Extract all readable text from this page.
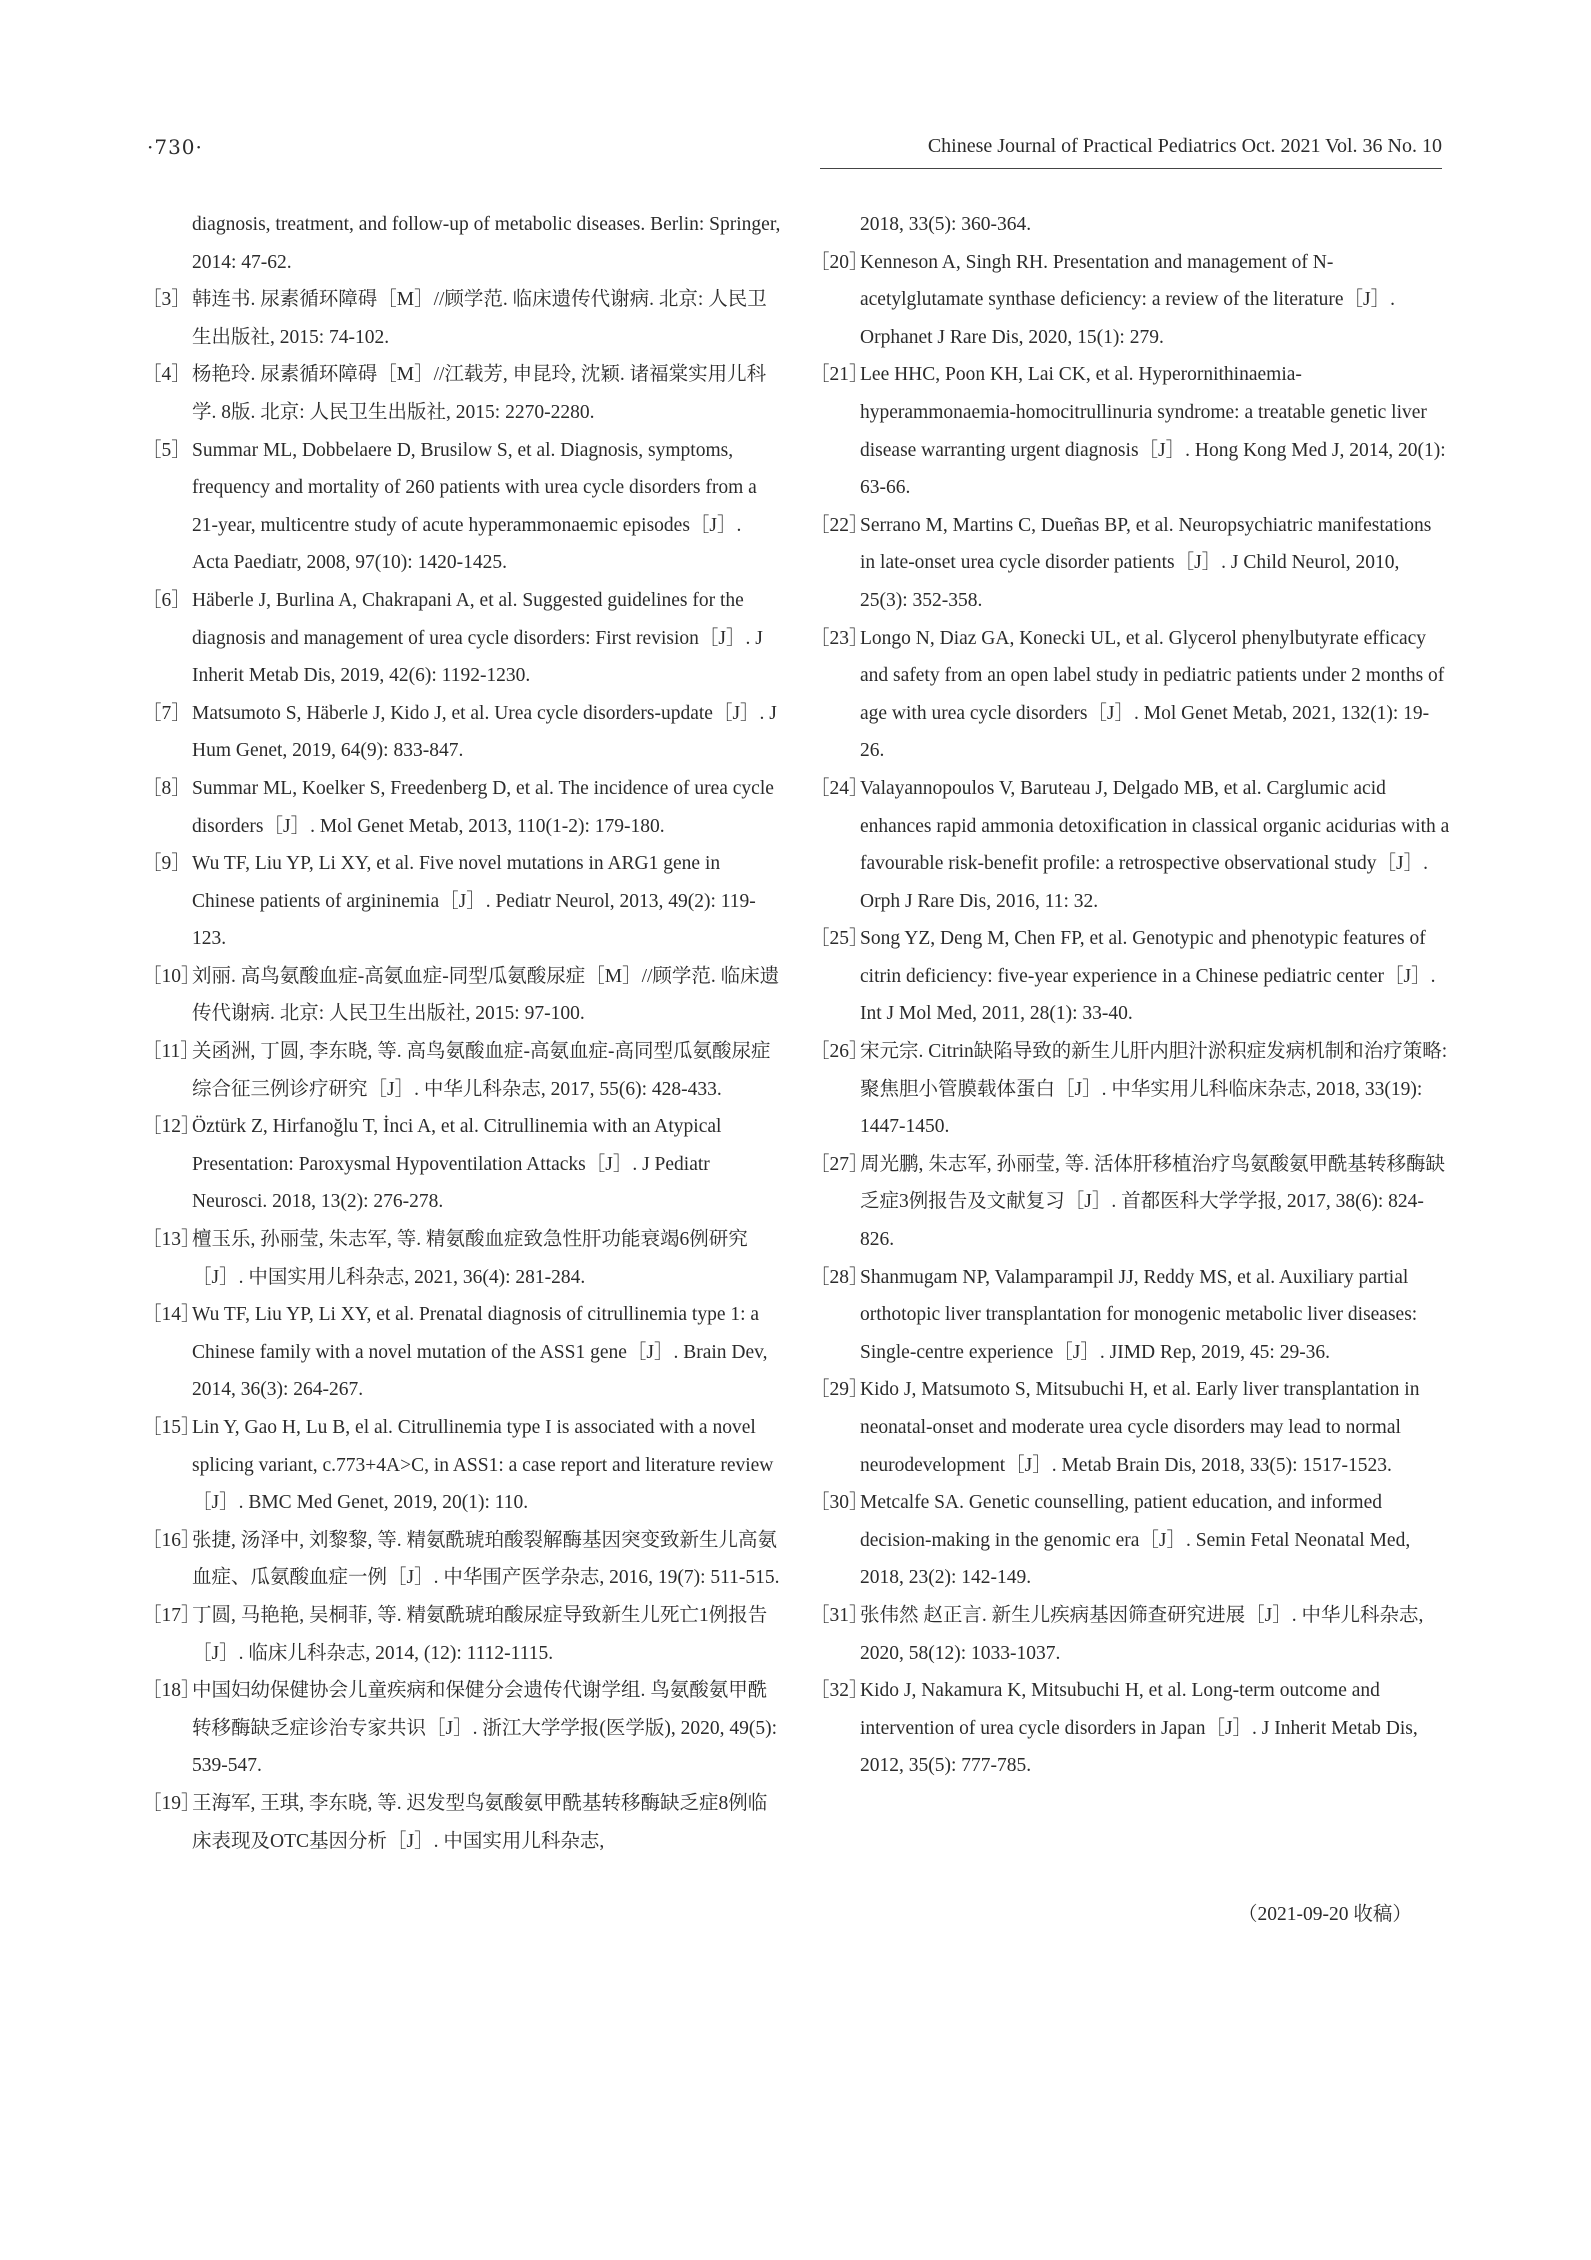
·730·	Chinese Journal of Practical Pediatrics Oct. 2021 Vol. 36 No. 10
diagnosis, treatment, and follow-up of metabolic diseases. Berlin: Springer, 2014: 47-62.
［3］ 韩连书. 尿素循环障碍［M］//顾学范. 临床遗传代谢病. 北京: 人民卫生出版社, 2015: 74-102.
［4］ 杨艳玲. 尿素循环障碍［M］//江载芳, 申昆玲, 沈颖. 诸福棠实用儿科学. 8版. 北京: 人民卫生出版社, 2015: 2270-2280.
［5］ Summar ML, Dobbelaere D, Brusilow S, et al. Diagnosis, symptoms, frequency and mortality of 260 patients with urea cycle disorders from a 21-year, multicentre study of acute hyperammonaemic episodes［J］. Acta Paediatr, 2008, 97(10): 1420-1425.
［6］ Häberle J, Burlina A, Chakrapani A, et al. Suggested guidelines for the diagnosis and management of urea cycle disorders: First revision［J］. J Inherit Metab Dis, 2019, 42(6): 1192-1230.
［7］ Matsumoto S, Häberle J, Kido J, et al. Urea cycle disorders-update［J］. J Hum Genet, 2019, 64(9): 833-847.
［8］ Summar ML, Koelker S, Freedenberg D, et al. The incidence of urea cycle disorders［J］. Mol Genet Metab, 2013, 110(1-2): 179-180.
［9］ Wu TF, Liu YP, Li XY, et al. Five novel mutations in ARG1 gene in Chinese patients of argininemia［J］. Pediatr Neurol, 2013, 49(2): 119-123.
［10］
刘丽. 高鸟氨酸血症-高氨血症-同型瓜氨酸尿症［M］//顾学范. 临床遗传代谢病. 北京: 人民卫生出版社, 2015: 97-100.
［11］
关函洲, 丁圆, 李东晓, 等. 高鸟氨酸血症-高氨血症-高同型瓜氨酸尿症综合征三例诊疗研究［J］. 中华儿科杂志, 2017, 55(6): 428-433.
［12］
Öztürk Z, Hirfanoğlu T, İnci A, et al. Citrullinemia with an Atypical Presentation: Paroxysmal Hypoventilation Attacks［J］. J Pediatr Neurosci. 2018, 13(2): 276-278.
［13］
檀玉乐, 孙丽莹, 朱志军, 等. 精氨酸血症致急性肝功能衰竭6例研究［J］. 中国实用儿科杂志, 2021, 36(4): 281-284.
［14］
Wu TF, Liu YP, Li XY, et al. Prenatal diagnosis of citrullinemia type 1: a Chinese family with a novel mutation of the ASS1 gene［J］. Brain Dev, 2014, 36(3): 264-267.
［15］
Lin Y, Gao H, Lu B, el al. Citrullinemia type I is associated with a novel splicing variant, c.773+4A>C, in ASS1: a case report and literature review［J］. BMC Med Genet, 2019, 20(1): 110.
［16］
张捷, 汤泽中, 刘黎黎, 等. 精氨酰琥珀酸裂解酶基因突变致新生儿高氨血症、瓜氨酸血症一例［J］. 中华围产医学杂志, 2016, 19(7): 511-515.
［17］
丁圆, 马艳艳, 吴桐菲, 等. 精氨酰琥珀酸尿症导致新生儿死亡1例报告［J］. 临床儿科杂志, 2014, (12): 1112-1115.
［18］
中国妇幼保健协会儿童疾病和保健分会遗传代谢学组. 鸟氨酸氨甲酰转移酶缺乏症诊治专家共识［J］. 浙江大学学报(医学版), 2020, 49(5): 539-547.
［19］
王海军, 王琪, 李东晓, 等. 迟发型鸟氨酸氨甲酰基转移酶缺乏症8例临床表现及OTC基因分析［J］. 中国实用儿科杂志,
2018, 33(5): 360-364.
［20］
Kenneson A, Singh RH. Presentation and management of N-acetylglutamate synthase deficiency: a review of the literature［J］. Orphanet J Rare Dis, 2020, 15(1): 279.
［21］
Lee HHC, Poon KH, Lai CK, et al. Hyperornithinaemia-hyperammonaemia-homocitrullinuria syndrome: a treatable genetic liver disease warranting urgent diagnosis［J］. Hong Kong Med J, 2014, 20(1): 63-66.
［22］
Serrano M, Martins C, Dueñas BP, et al. Neuropsychiatric manifestations in late-onset urea cycle disorder patients［J］. J Child Neurol, 2010, 25(3): 352-358.
［23］
Longo N, Diaz GA, Konecki UL, et al. Glycerol phenylbutyrate efficacy and safety from an open label study in pediatric patients under 2 months of age with urea cycle disorders［J］. Mol Genet Metab, 2021, 132(1): 19-26.
［24］
Valayannopoulos V, Baruteau J, Delgado MB, et al. Carglumic acid enhances rapid ammonia detoxification in classical organic acidurias with a favourable risk-benefit profile: a retrospective observational study［J］. Orph J Rare Dis, 2016, 11: 32.
［25］
Song YZ, Deng M, Chen FP, et al. Genotypic and phenotypic features of citrin deficiency: five-year experience in a Chinese pediatric center［J］. Int J Mol Med, 2011, 28(1): 33-40.
［26］
宋元宗. Citrin缺陷导致的新生儿肝内胆汁淤积症发病机制和治疗策略: 聚焦胆小管膜载体蛋白［J］. 中华实用儿科临床杂志, 2018, 33(19): 1447-1450.
［27］
周光鹏, 朱志军, 孙丽莹, 等. 活体肝移植治疗鸟氨酸氨甲酰基转移酶缺乏症3例报告及文献复习［J］. 首都医科大学学报, 2017, 38(6): 824-826.
［28］
Shanmugam NP, Valamparampil JJ, Reddy MS, et al. Auxiliary partial orthotopic liver transplantation for monogenic metabolic liver diseases: Single-centre experience［J］. JIMD Rep, 2019, 45: 29-36.
［29］
Kido J, Matsumoto S, Mitsubuchi H, et al. Early liver transplantation in neonatal-onset and moderate urea cycle disorders may lead to normal neurodevelopment［J］. Metab Brain Dis, 2018, 33(5): 1517-1523.
［30］
Metcalfe SA. Genetic counselling, patient education, and informed decision-making in the genomic era［J］. Semin Fetal Neonatal Med, 2018, 23(2): 142-149.
［31］
张伟然 赵正言. 新生儿疾病基因筛查研究进展［J］. 中华儿科杂志, 2020, 58(12): 1033-1037.
［32］
Kido J, Nakamura K, Mitsubuchi H, et al. Long-term outcome and intervention of urea cycle disorders in Japan［J］. J Inherit Metab Dis, 2012, 35(5): 777-785.
（2021-09-20 收稿）
